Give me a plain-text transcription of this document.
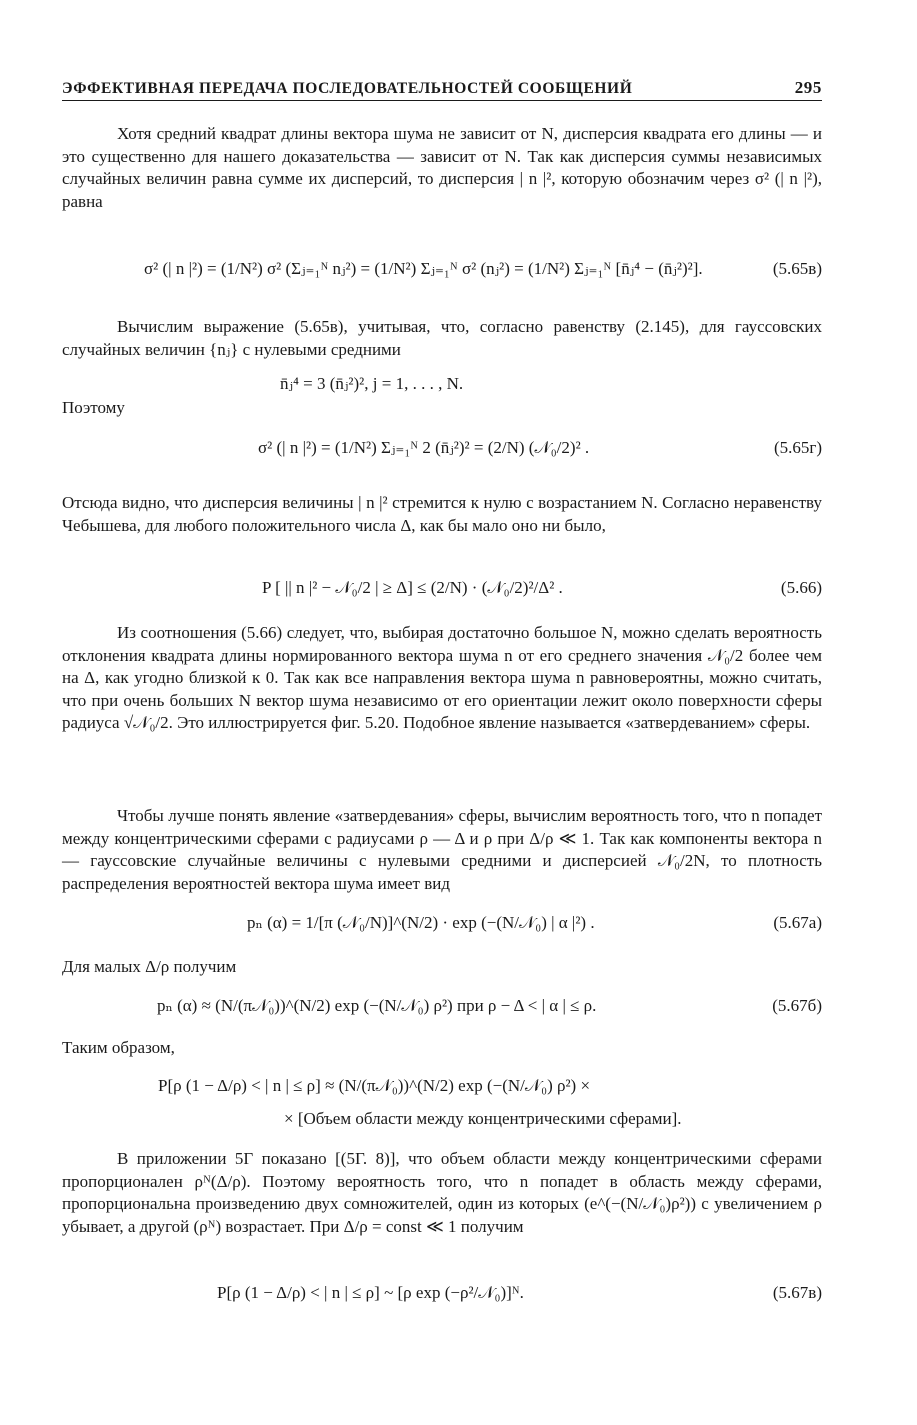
ЭФФЕКТИВНАЯ ПЕРЕДАЧА ПОСЛЕДОВАТЕЛЬНОСТЕЙ СООБЩЕНИЙ	295
Хотя средний квадрат длины вектора шума не зависит от N, дисперсия квадрата его длины — и это существенно для нашего доказательства — зависит от N. Так как дисперсия суммы независимых случайных величин равна сумме их дисперсий, то дисперсия | n |², которую обозначим через σ² (| n |²), равна
σ² (| n |²) = (1/N²) σ² (Σⱼ₌₁ᴺ nⱼ²) = (1/N²) Σⱼ₌₁ᴺ σ² (nⱼ²) = (1/N²) Σⱼ₌₁ᴺ [n̄ⱼ⁴ − (n̄ⱼ²)²].	(5.65в)
Вычислим выражение (5.65в), учитывая, что, согласно равенству (2.145), для гауссовских случайных величин {nⱼ} с нулевыми средними
n̄ⱼ⁴ = 3 (n̄ⱼ²)², j = 1, . . . , N.
Поэтому
σ² (| n |²) = (1/N²) Σⱼ₌₁ᴺ 2 (n̄ⱼ²)² = (2/N) (𝒩₀/2)² .	(5.65г)
Отсюда видно, что дисперсия величины | n |² стремится к нулю с возрастанием N. Согласно неравенству Чебышева, для любого положительного числа Δ, как бы мало оно ни было,
P [ || n |² − 𝒩₀/2 | ≥ Δ] ≤ (2/N) · (𝒩₀/2)²/Δ² .	(5.66)
Из соотношения (5.66) следует, что, выбирая достаточно большое N, можно сделать вероятность отклонения квадрата длины нормированного вектора шума n от его среднего значения 𝒩₀/2 более чем на Δ, как угодно близкой к 0. Так как все направления вектора шума n равновероятны, можно считать, что при очень больших N вектор шума независимо от его ориентации лежит около поверхности сферы радиуса √𝒩₀/2. Это иллюстрируется фиг. 5.20. Подобное явление называется «затвердеванием» сферы.
Чтобы лучше понять явление «затвердевания» сферы, вычислим вероятность того, что n попадет между концентрическими сферами с радиусами ρ — Δ и ρ при Δ/ρ ≪ 1. Так как компоненты вектора n — гауссовские случайные величины с нулевыми средними и дисперсией 𝒩₀/2N, то плотность распределения вероятностей вектора шума имеет вид
pₙ (α) = 1/[π (𝒩₀/N)]^(N/2) · exp (−(N/𝒩₀) | α |²) .	(5.67а)
Для малых Δ/ρ получим
pₙ (α) ≈ (N/(π𝒩₀))^(N/2) exp (−(N/𝒩₀) ρ²) при ρ − Δ < | α | ≤ ρ.	(5.67б)
Таким образом,
P[ρ (1 − Δ/ρ) < | n | ≤ ρ] ≈ (N/(π𝒩₀))^(N/2) exp (−(N/𝒩₀) ρ²) ×
× [Объем области между концентрическими сферами].
В приложении 5Г показано [(5Г. 8)], что объем области между концентрическими сферами пропорционален ρᴺ(Δ/ρ). Поэтому вероятность того, что n попадет в область между сферами, пропорциональна произведению двух сомножителей, один из которых (e^(−(N/𝒩₀)ρ²)) с увеличением ρ убывает, а другой (ρᴺ) возрастает. При Δ/ρ = const ≪ 1 получим
P[ρ (1 − Δ/ρ) < | n | ≤ ρ] ~ [ρ exp (−ρ²/𝒩₀)]ᴺ.	(5.67в)
